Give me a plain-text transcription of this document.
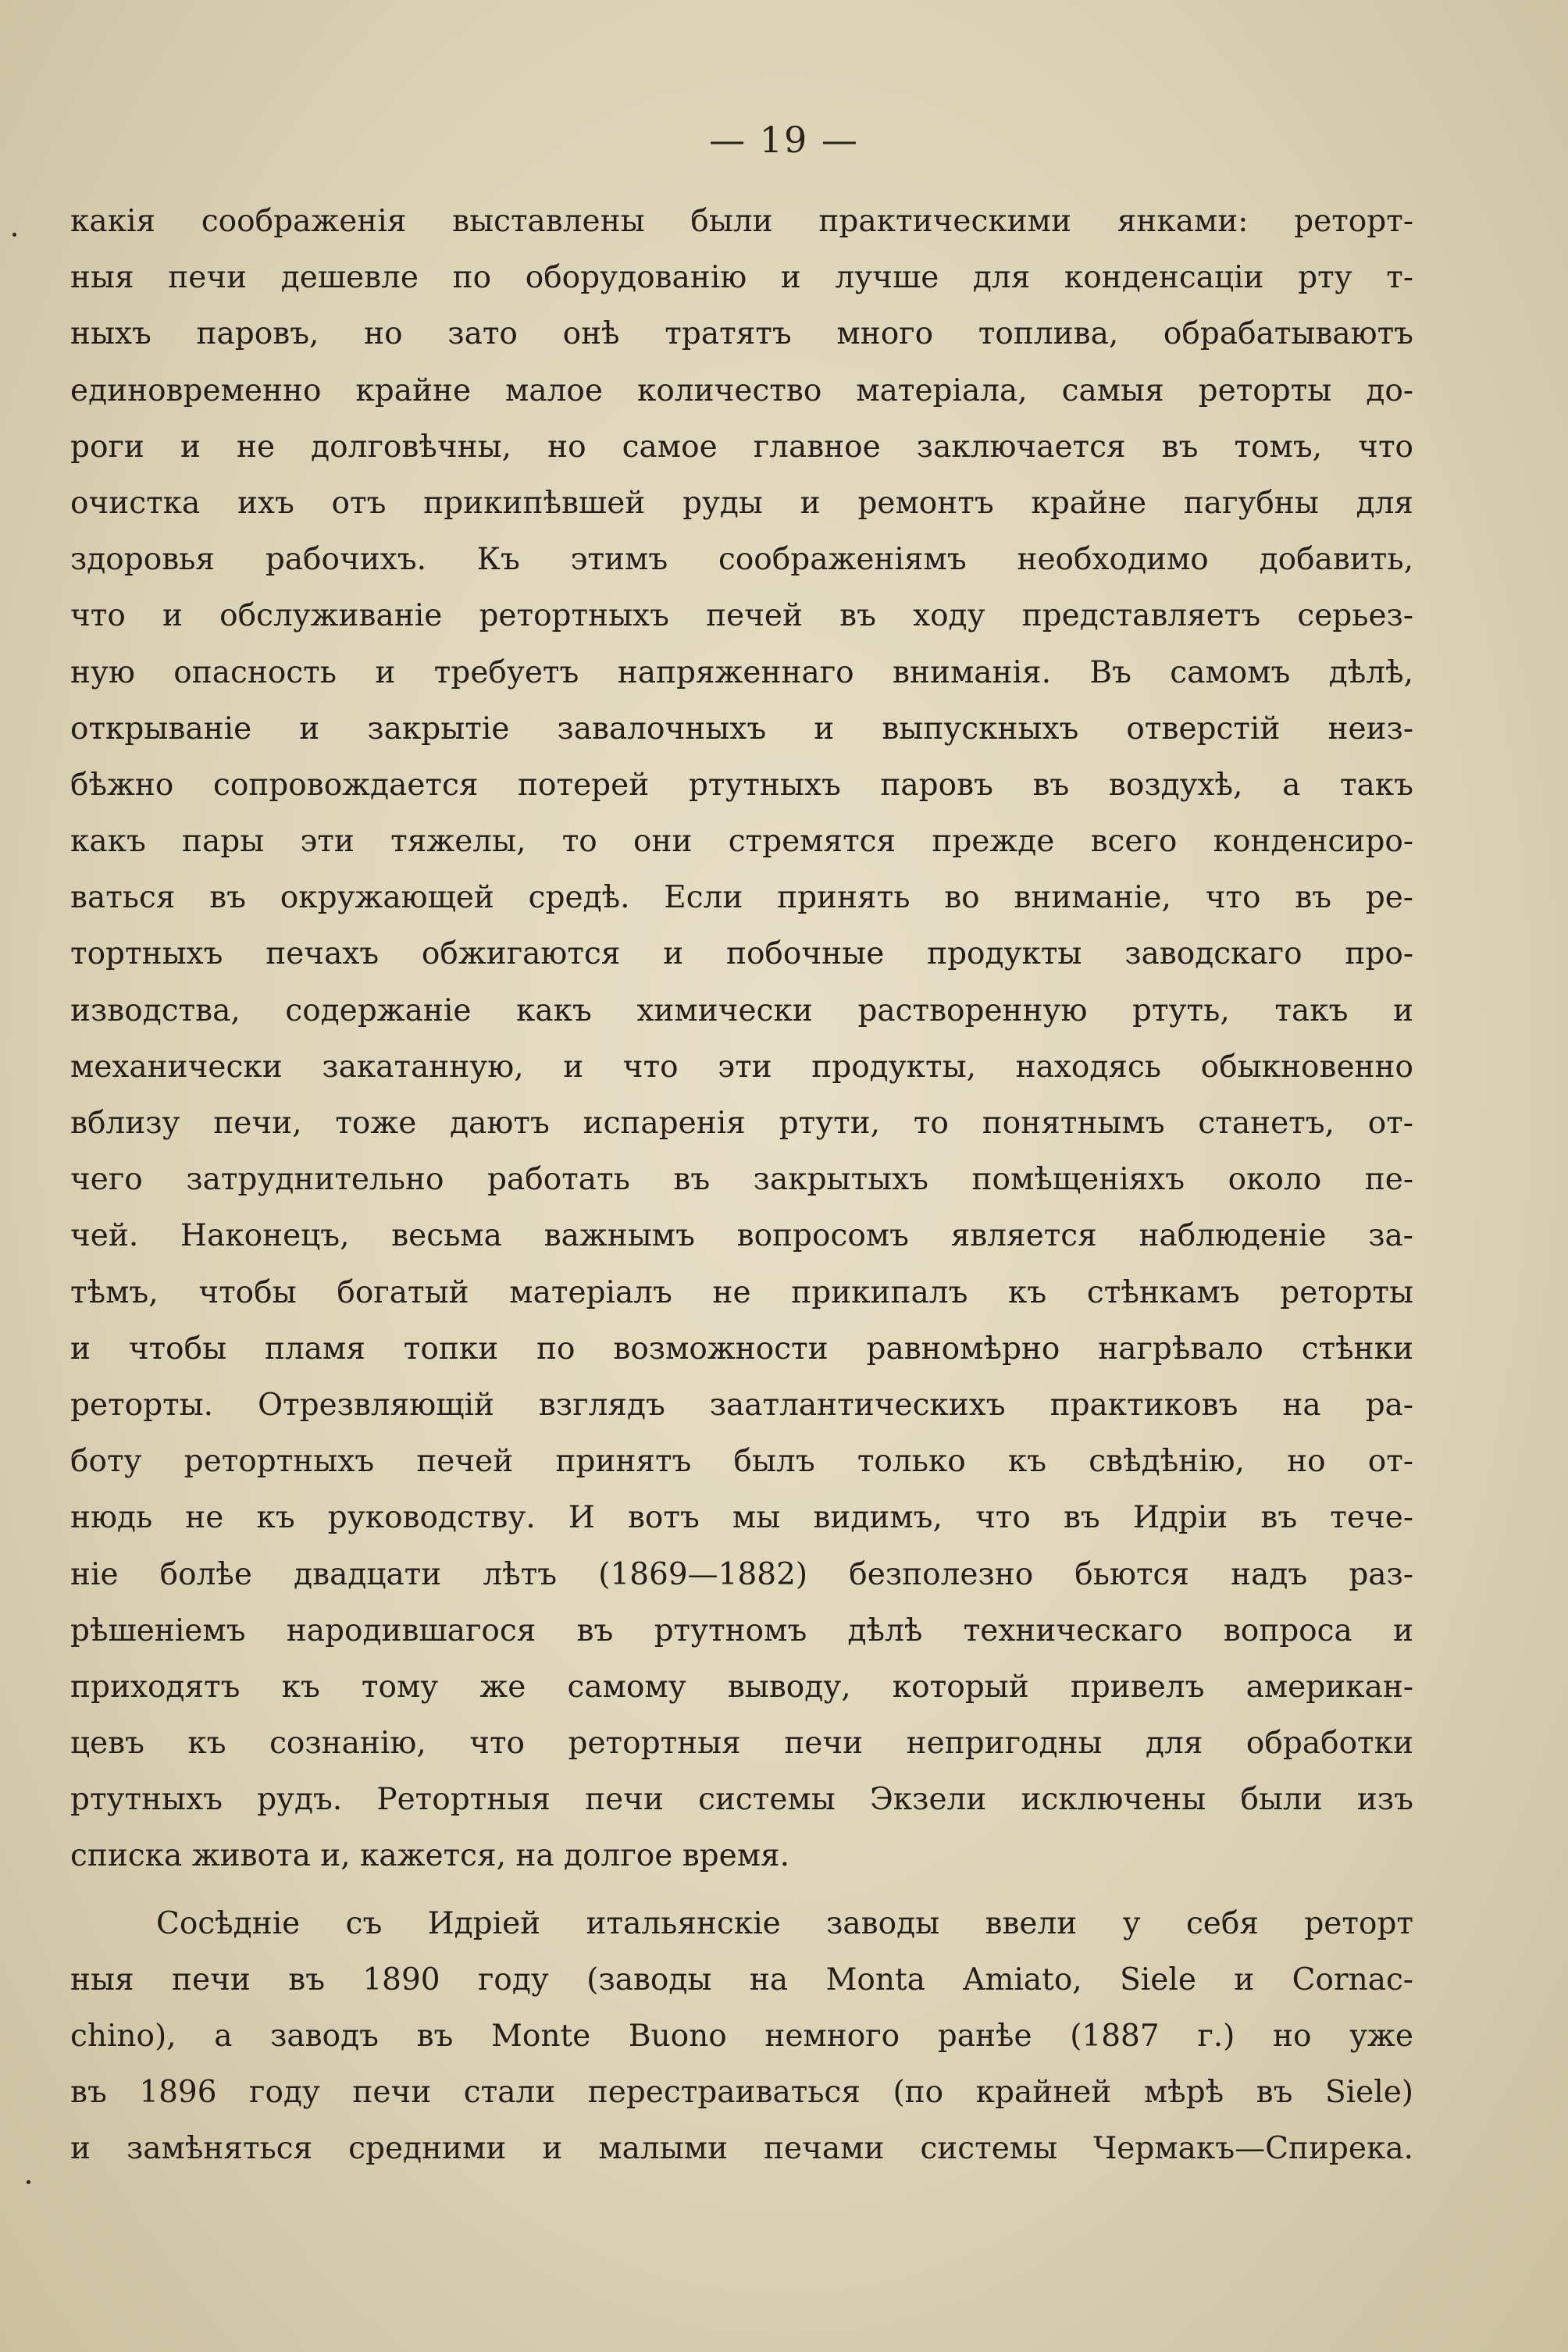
— 19 —
какія соображенія выставлены были практическими янками: реторт-
ныя печи дешевле по оборудованію и лучше для конденсаціи рту т-
ныхъ паровъ, но зато онѣ тратятъ много топлива, обрабатываютъ
единовременно крайне малое количество матеріала, самыя реторты до-
роги и не долговѣчны, но самое главное заключается въ томъ, что
очистка ихъ отъ прикипѣвшей руды и ремонтъ крайне пагубны для
здоровья рабочихъ. Къ этимъ соображеніямъ необходимо добавить,
что и обслуживаніе ретортныхъ печей въ ходу представляетъ серьез-
ную опасность и требуетъ напряженнаго вниманія. Въ самомъ дѣлѣ,
открываніе и закрытіе завалочныхъ и выпускныхъ отверстій неиз-
бѣжно сопровождается потерей ртутныхъ паровъ въ воздухѣ, а такъ
какъ пары эти тяжелы, то они стремятся прежде всего конденсиро-
ваться въ окружающей средѣ. Если принять во вниманіе, что въ ре-
тортныхъ печахъ обжигаются и побочные продукты заводскаго про-
изводства, содержаніе какъ химически растворенную ртуть, такъ и
механически закатанную, и что эти продукты, находясь обыкновенно
вблизу печи, тоже даютъ испаренія ртути, то понятнымъ станетъ, от-
чего затруднительно работать въ закрытыхъ помѣщеніяхъ около пе-
чей. Наконецъ, весьма важнымъ вопросомъ является наблюденіе за-
тѣмъ, чтобы богатый матеріалъ не прикипалъ къ стѣнкамъ реторты
и чтобы пламя топки по возможности равномѣрно нагрѣвало стѣнки
реторты. Отрезвляющій взглядъ заатлантическихъ практиковъ на ра-
боту ретортныхъ печей принятъ былъ только къ свѣдѣнію, но от-
нюдь не къ руководству. И вотъ мы видимъ, что въ Идріи въ тече-
ніе болѣе двадцати лѣтъ (1869—1882) безполезно бьются надъ раз-
рѣшеніемъ народившагося въ ртутномъ дѣлѣ техническаго вопроса и
приходятъ къ тому же самому выводу, который привелъ американ-
цевъ къ сознанію, что ретортныя печи непригодны для обработки
ртутныхъ рудъ. Ретортныя печи системы Экзели исключены были изъ
списка живота и, кажется, на долгое время.
Сосѣдніе съ Идріей итальянскіе заводы ввели у себя реторт
ныя печи въ 1890 году (заводы на Monta Amiato, Siele и Cornac-
chino), а заводъ въ Monte Buono немного ранѣе (1887 г.) но уже
въ 1896 году печи стали перестраиваться (по крайней мѣрѣ въ Siele)
и замѣняться средними и малыми печами системы Чермакъ—Спирека.
